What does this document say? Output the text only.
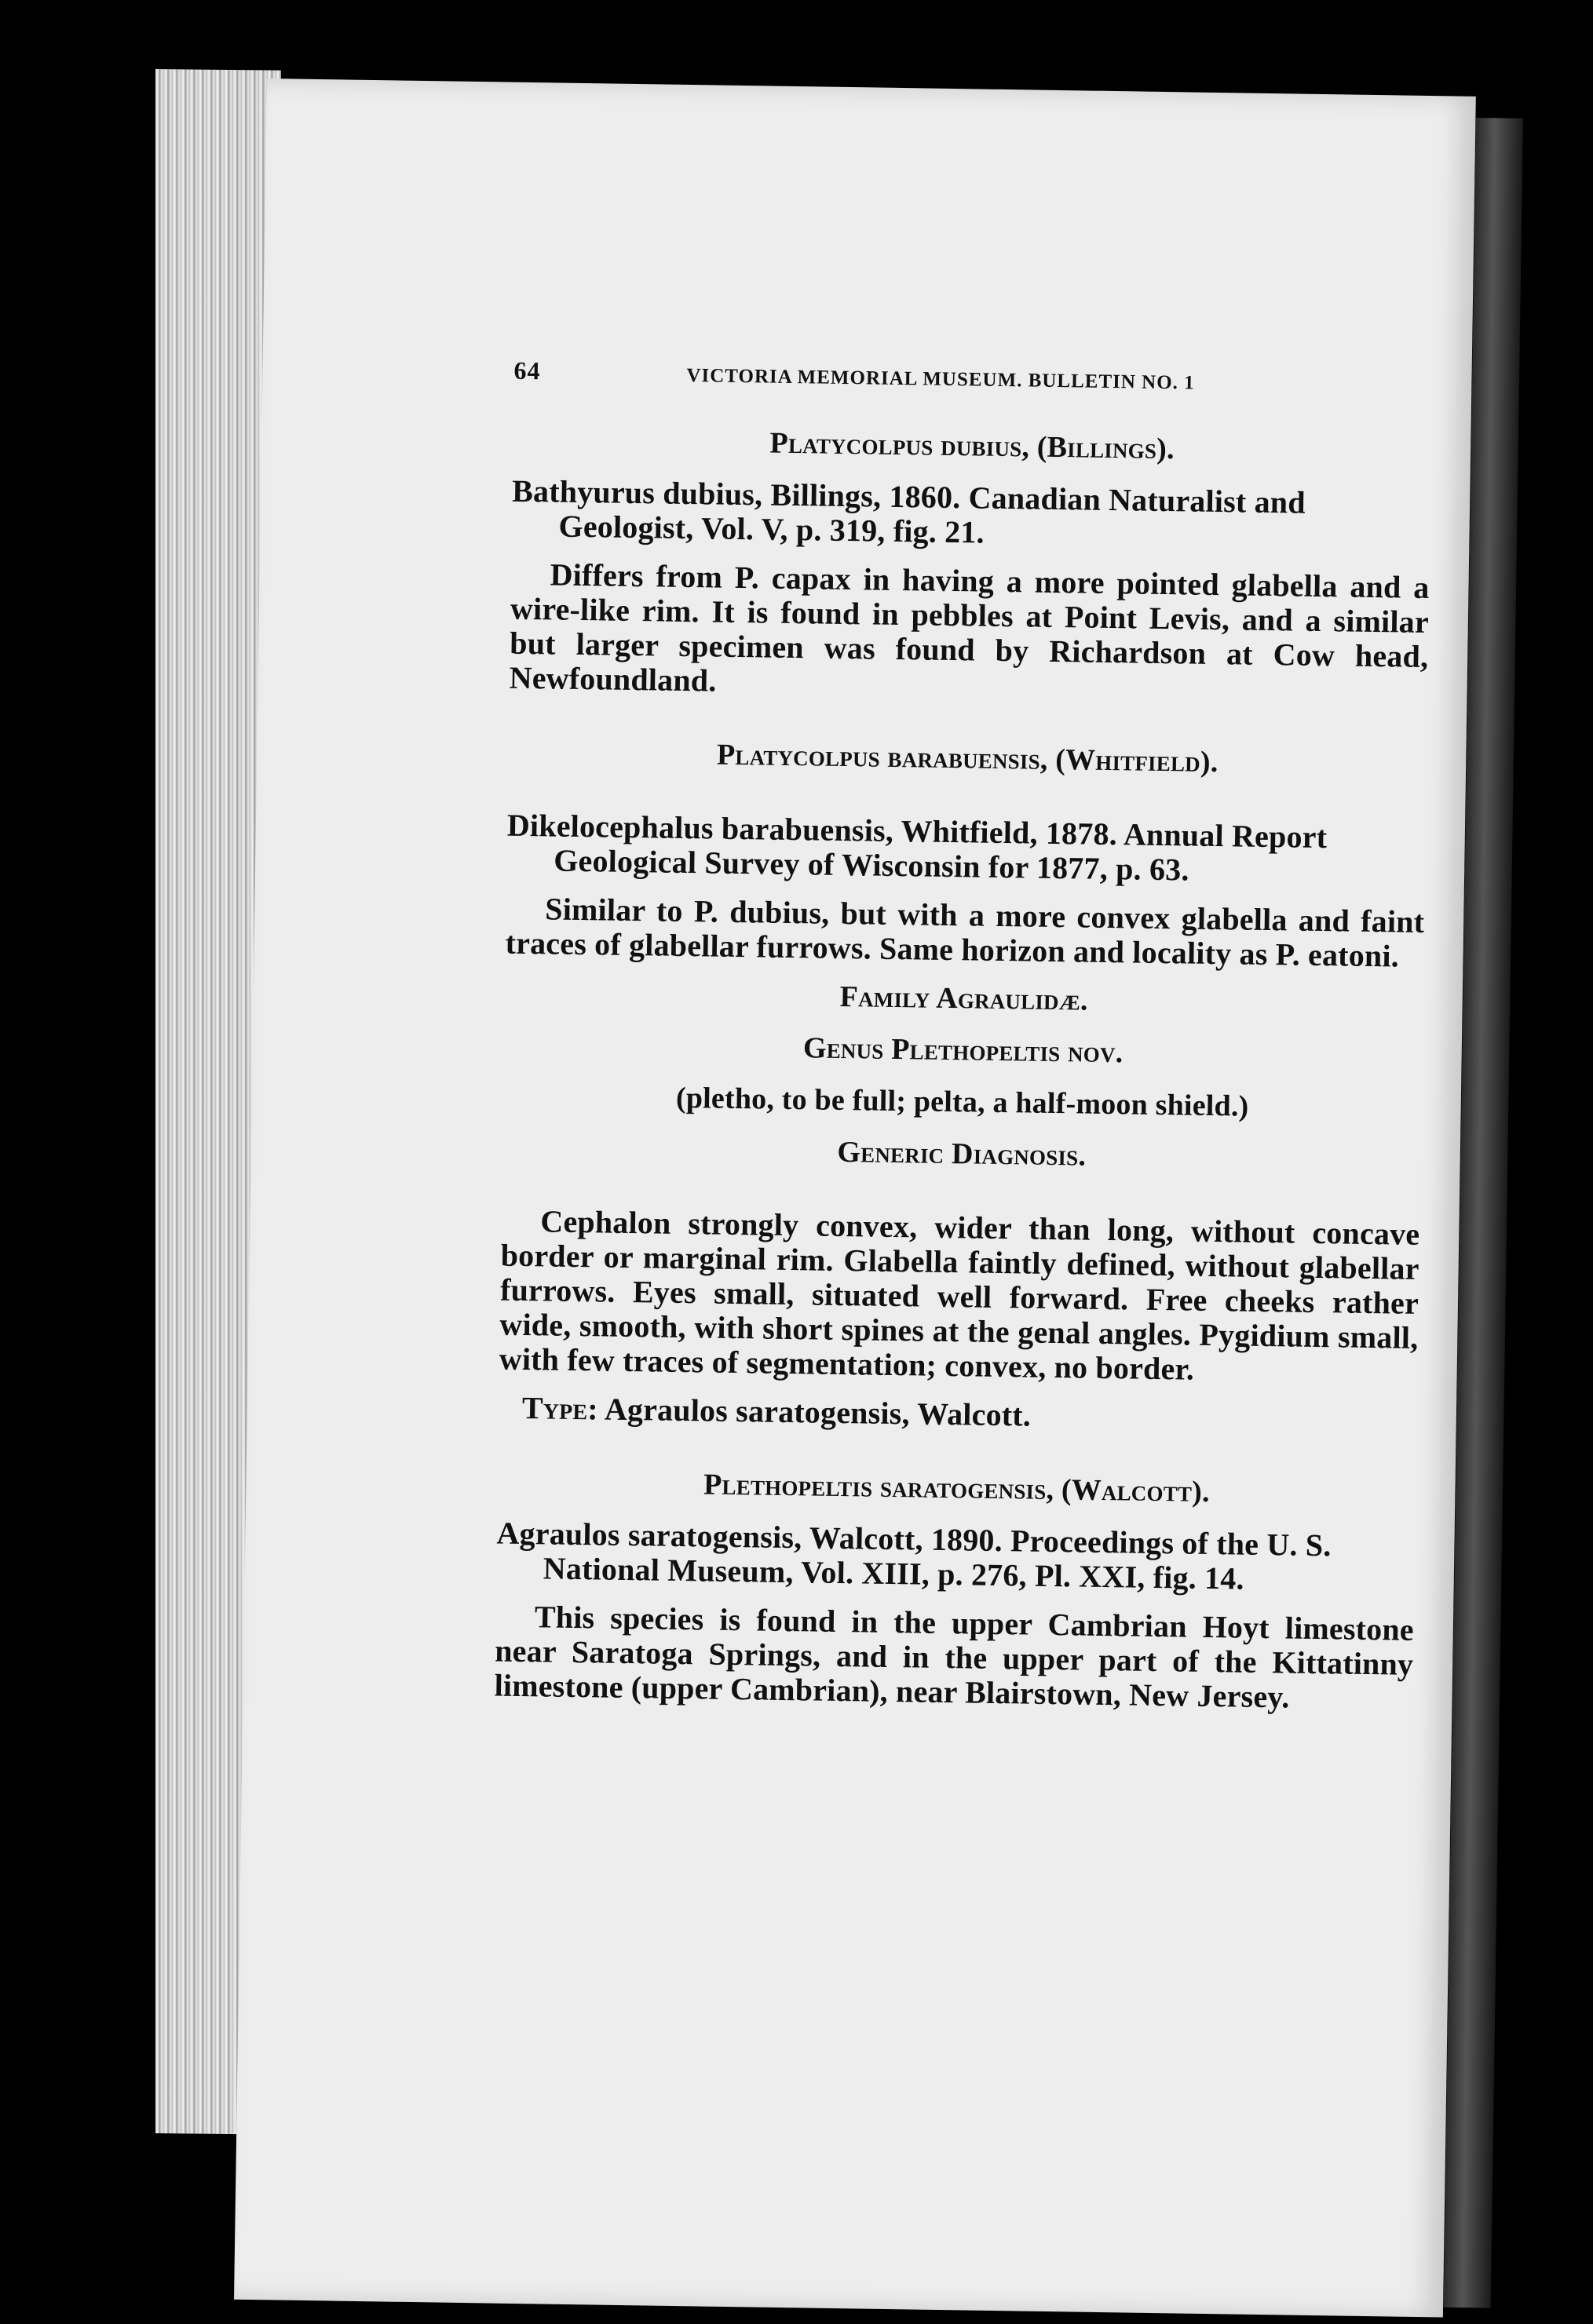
64	VICTORIA MEMORIAL MUSEUM. BULLETIN NO. 1

Platycolpus dubius, (Billings).

Bathyurus dubius, Billings, 1860. Canadian Naturalist and Geologist, Vol. V, p. 319, fig. 21.

Differs from P. capax in having a more pointed glabella and a wire-like rim. It is found in pebbles at Point Levis, and a similar but larger specimen was found by Richardson at Cow head, Newfoundland.

Platycolpus barabuensis, (Whitfield).

Dikelocephalus barabuensis, Whitfield, 1878. Annual Report Geological Survey of Wisconsin for 1877, p. 63.

Similar to P. dubius, but with a more convex glabella and faint traces of glabellar furrows. Same horizon and locality as P. eatoni.

Family Agraulidæ.

Genus Plethopeltis nov.

(pletho, to be full; pelta, a half-moon shield.)

Generic Diagnosis.

Cephalon strongly convex, wider than long, without concave border or marginal rim. Glabella faintly defined, without glabellar furrows. Eyes small, situated well forward. Free cheeks rather wide, smooth, with short spines at the genal angles. Pygidium small, with few traces of segmentation; convex, no border.

Type: Agraulos saratogensis, Walcott.

Plethopeltis saratogensis, (Walcott).

Agraulos saratogensis, Walcott, 1890. Proceedings of the U. S. National Museum, Vol. XIII, p. 276, Pl. XXI, fig. 14.

This species is found in the upper Cambrian Hoyt limestone near Saratoga Springs, and in the upper part of the Kittatinny limestone (upper Cambrian), near Blairstown, New Jersey.
